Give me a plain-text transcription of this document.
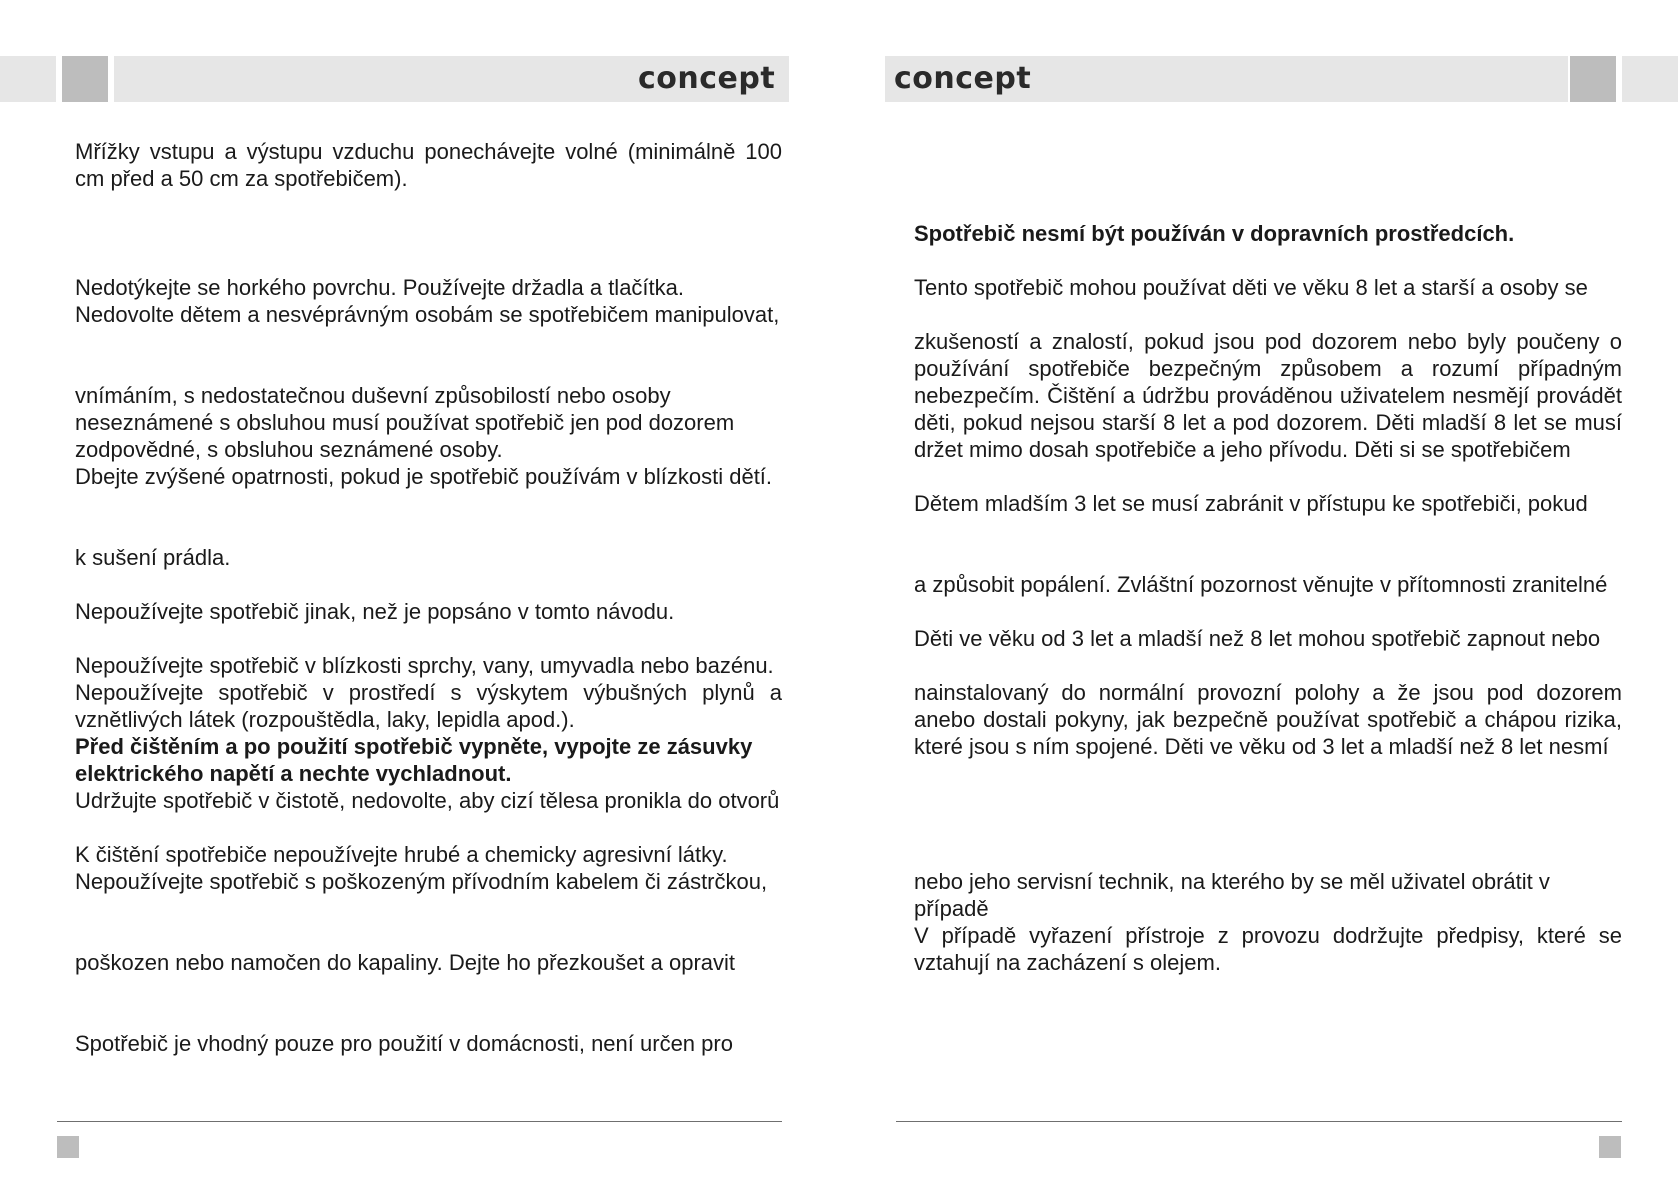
concept	concept

Mřížky vstupu a výstupu vzduchu ponechávejte volné (minimálně 100 cm před a 50 cm za spotřebičem).

Nedotýkejte se horkého povrchu. Používejte držadla a tlačítka.

Nedovolte dětem a nesvéprávným osobám se spotřebičem manipulovat,

vnímáním, s nedostatečnou duševní způsobilostí nebo osoby neseznámené s obsluhou musí používat spotřebič jen pod dozorem zodpovědné, s obsluhou seznámené osoby.

Dbejte zvýšené opatrnosti, pokud je spotřebič používám v blízkosti dětí.

k sušení prádla.

Nepoužívejte spotřebič jinak, než je popsáno v tomto návodu.

Nepoužívejte spotřebič v blízkosti sprchy, vany, umyvadla nebo bazénu.

Nepoužívejte spotřebič v prostředí s výskytem výbušných plynů a vznětlivých látek (rozpouštědla, laky, lepidla apod.).

Před čištěním a po použití spotřebič vypněte, vypojte ze zásuvky elektrického napětí a nechte vychladnout.

Udržujte spotřebič v čistotě, nedovolte, aby cizí tělesa pronikla do otvorů

K čištění spotřebiče nepoužívejte hrubé a chemicky agresivní látky.

Nepoužívejte spotřebič s poškozeným přívodním kabelem či zástrčkou,

poškozen nebo namočen do kapaliny. Dejte ho přezkoušet a opravit

Spotřebič je vhodný pouze pro použití v domácnosti, není určen pro

Spotřebič nesmí být používán v dopravních prostředcích.

Tento spotřebič mohou používat děti ve věku 8 let a starší a osoby se

zkušeností a znalostí, pokud jsou pod dozorem nebo byly poučeny o používání spotřebiče bezpečným způsobem a rozumí případným nebezpečím. Čištění a údržbu prováděnou uživatelem nesmějí provádět děti, pokud nejsou starší 8 let a pod dozorem. Děti mladší 8 let se musí držet mimo dosah spotřebiče a jeho přívodu. Děti si se spotřebičem

Dětem mladším 3 let se musí zabránit v přístupu ke spotřebiči, pokud

a způsobit popálení. Zvláštní pozornost věnujte v přítomnosti zranitelné

Děti ve věku od 3 let a mladší než 8 let mohou spotřebič zapnout nebo

nainstalovaný do normální provozní polohy a že jsou pod dozorem anebo dostali pokyny, jak bezpečně používat spotřebič a chápou rizika, které jsou s ním spojené. Děti ve věku od 3 let a mladší než 8 let nesmí

nebo jeho servisní technik, na kterého by se měl uživatel obrátit v případě

V případě vyřazení přístroje z provozu dodržujte předpisy, které se vztahují na zacházení s olejem.
